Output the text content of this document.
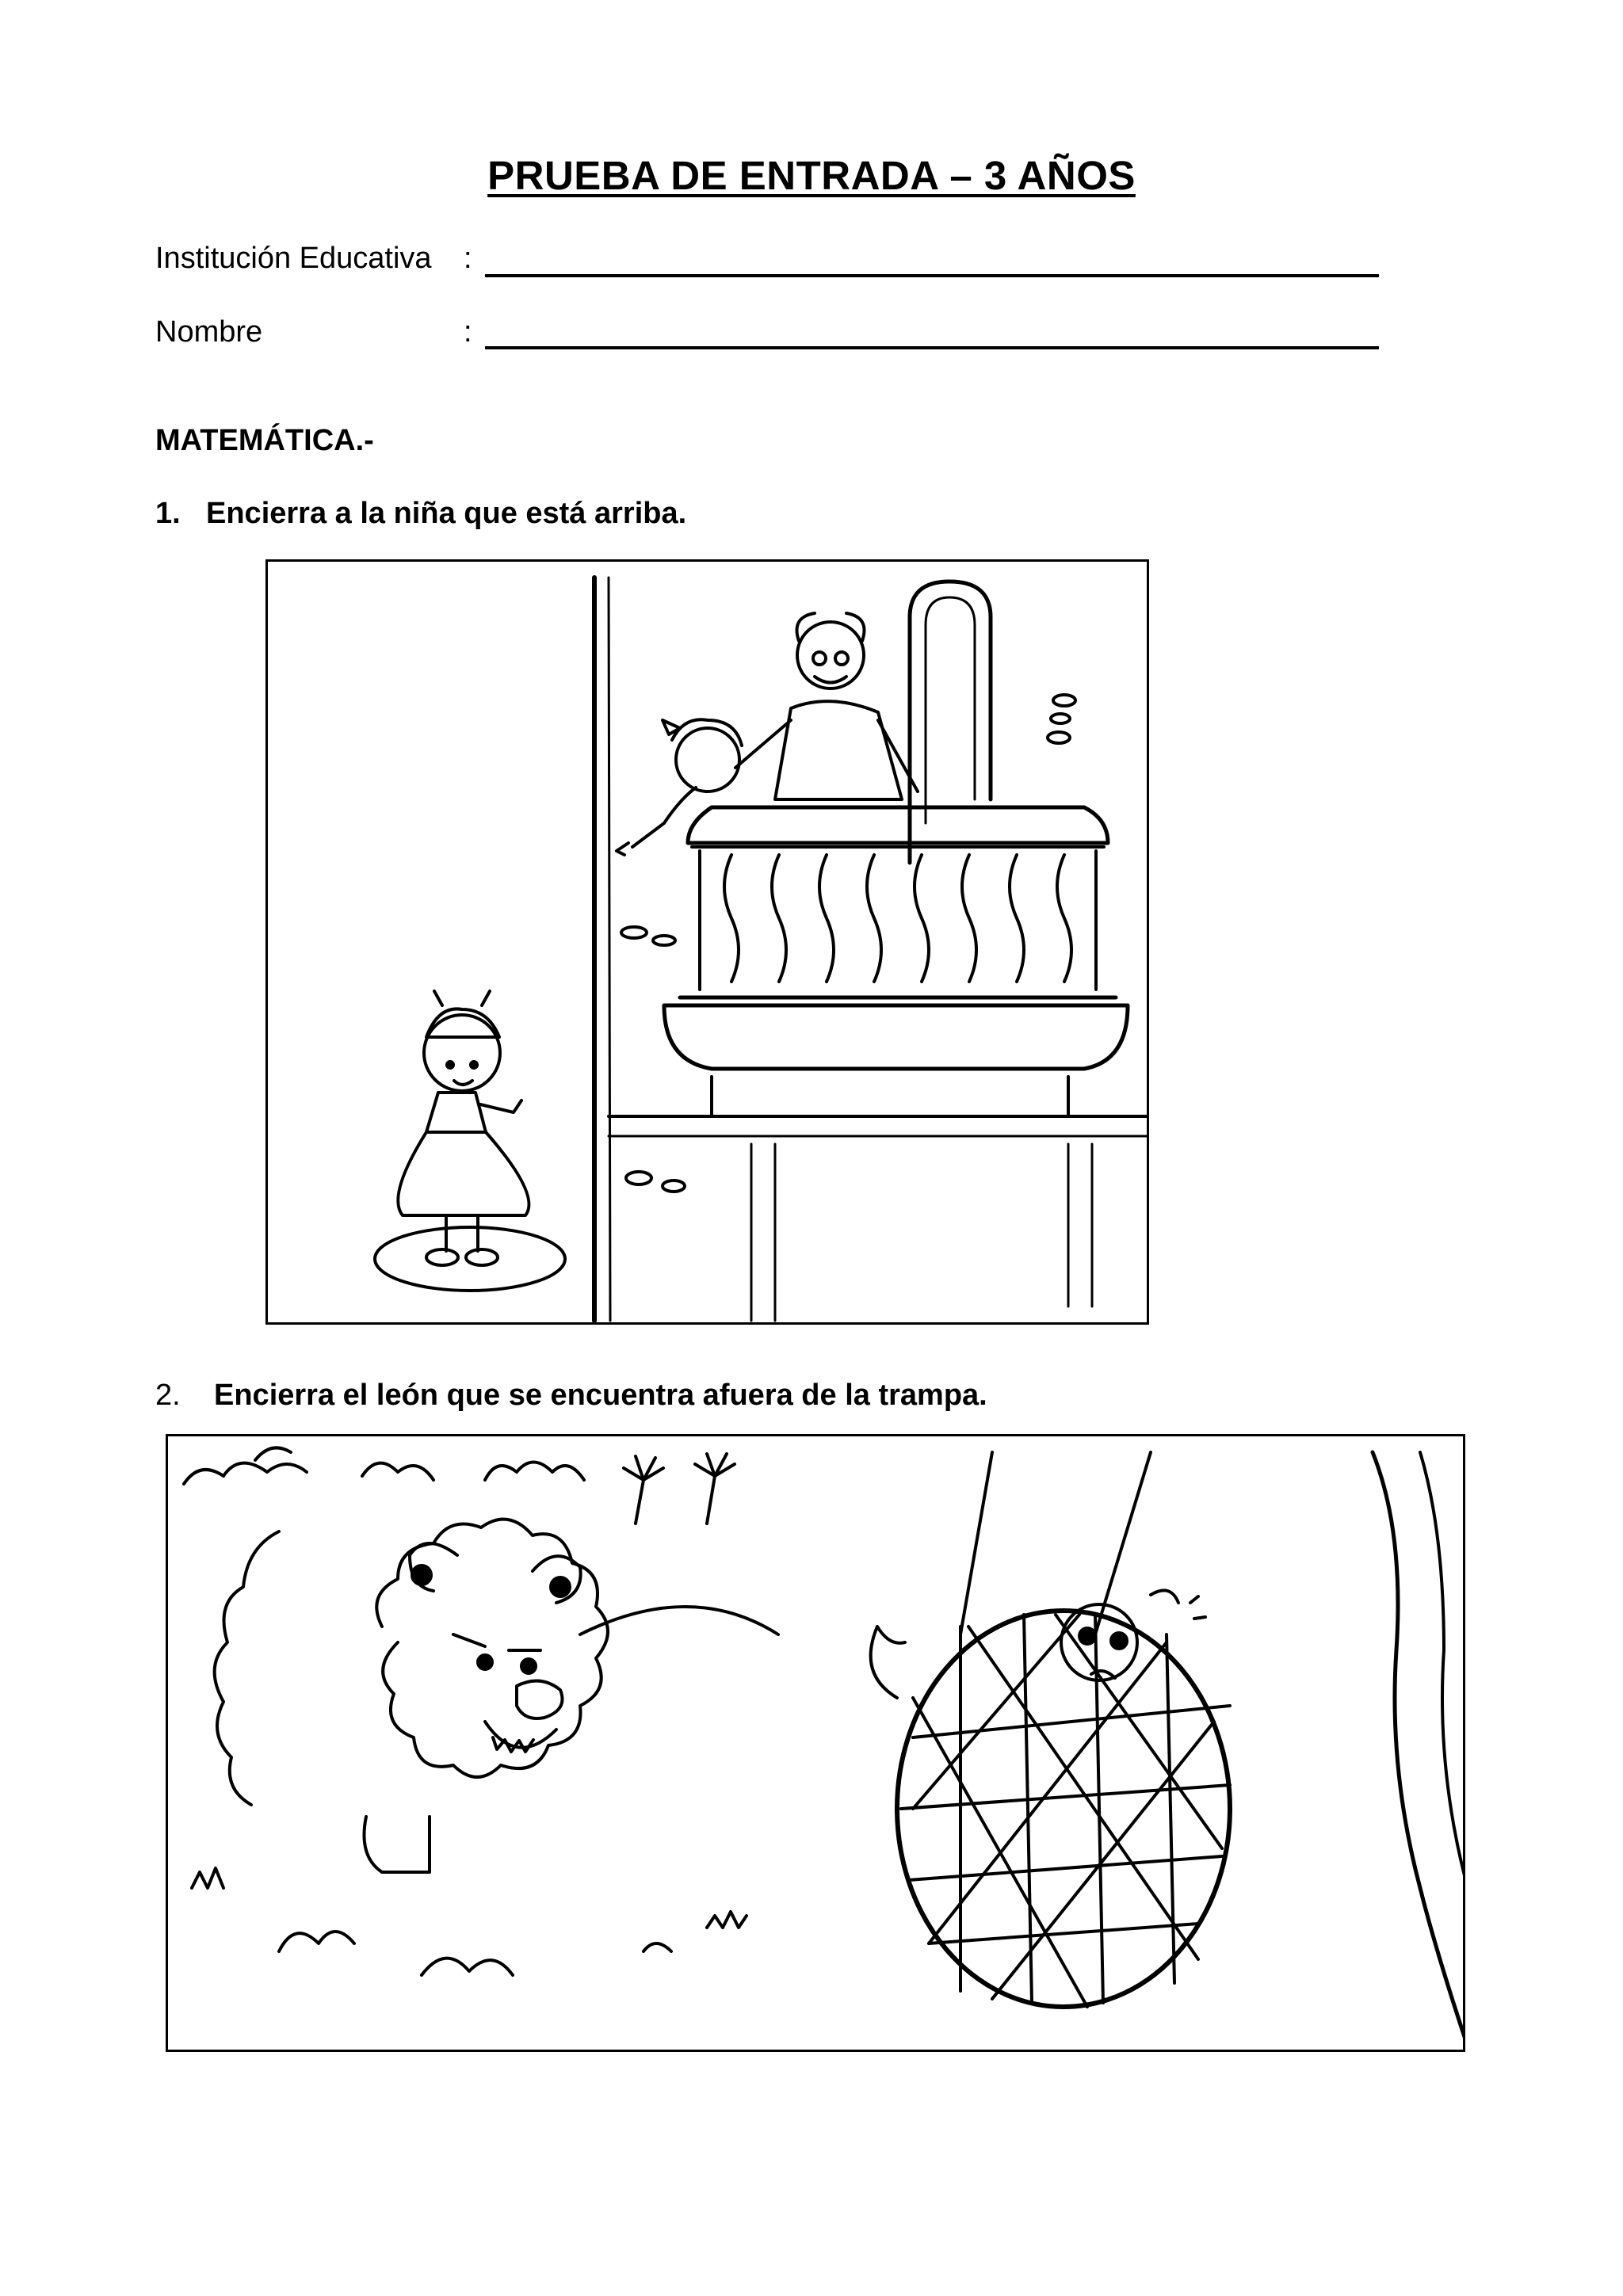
PRUEBA DE ENTRADA – 3 AÑOS
Institución Educativa :
Nombre	:
MATEMÁTICA.-
1. Encierra a la niña que está arriba.
2. Encierra el león que se encuentra afuera de la trampa.
